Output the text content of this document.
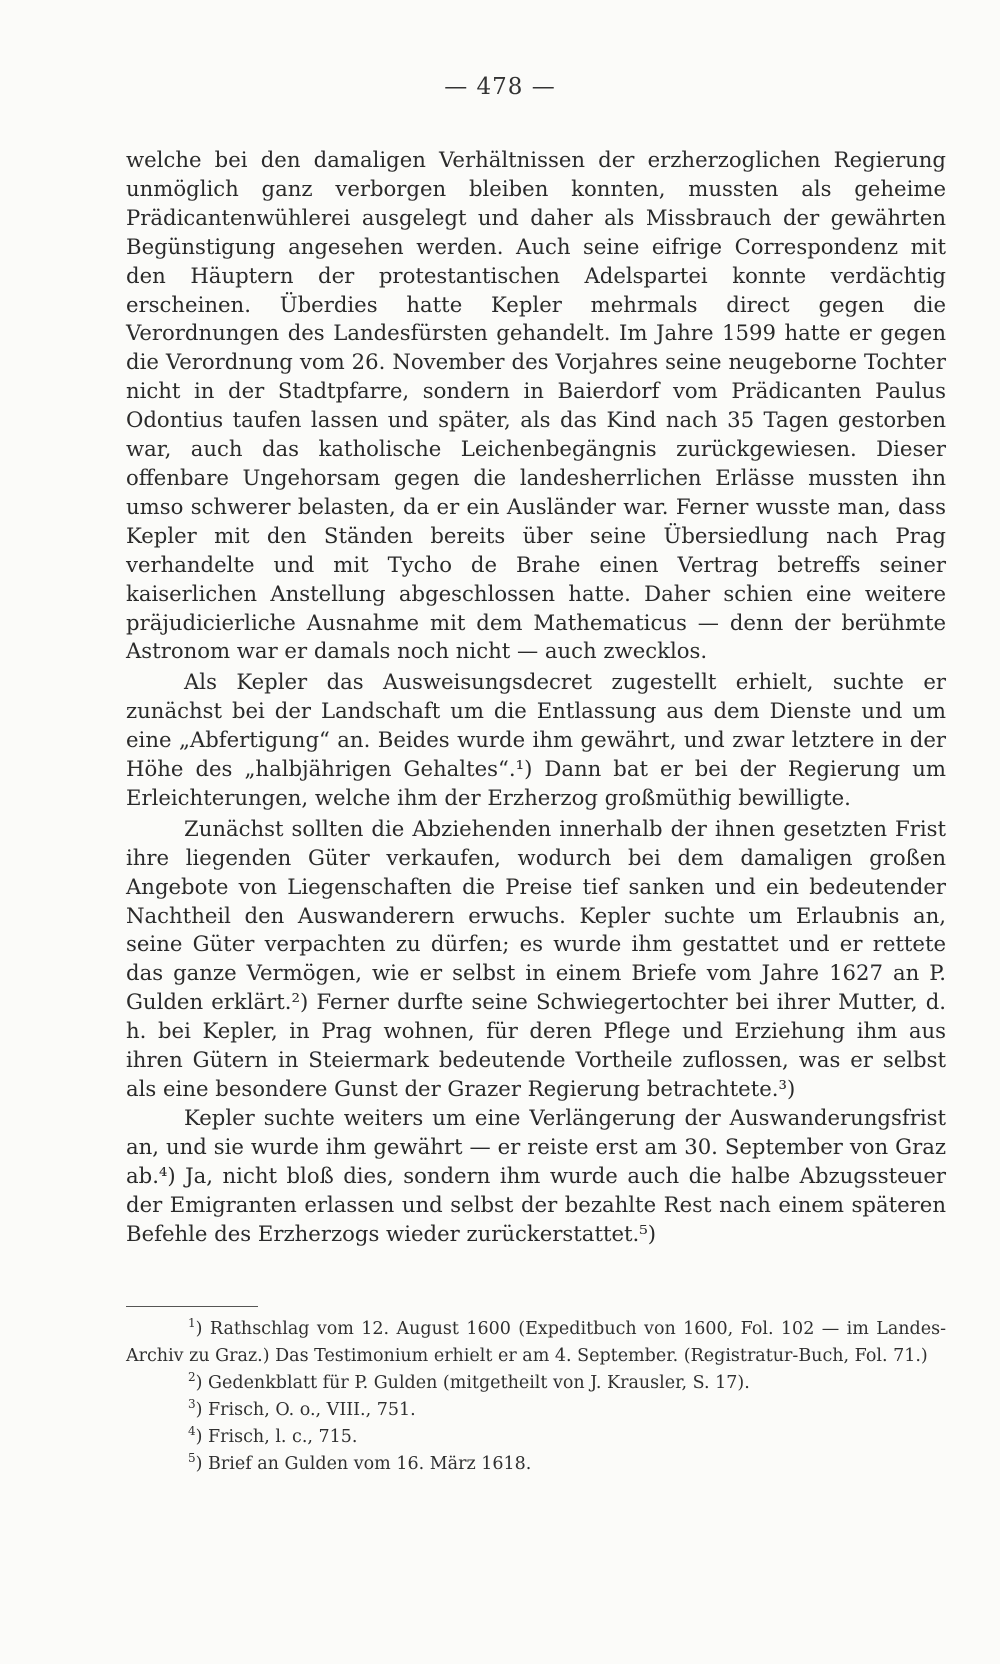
— 478 —

welche bei den damaligen Verhältnissen der erzherzoglichen Regierung unmöglich ganz verborgen bleiben konnten, mussten als geheime Prädicantenwühlerei ausgelegt und daher als Missbrauch der gewährten Begünstigung angesehen werden. Auch seine eifrige Correspondenz mit den Häuptern der protestantischen Adelspartei konnte verdächtig erscheinen. Überdies hatte Kepler mehrmals direct gegen die Verordnungen des Landesfürsten gehandelt. Im Jahre 1599 hatte er gegen die Verordnung vom 26. November des Vorjahres seine neugeborne Tochter nicht in der Stadtpfarre, sondern in Baierdorf vom Prädicanten Paulus Odontius taufen lassen und später, als das Kind nach 35 Tagen gestorben war, auch das katholische Leichenbegängnis zurückgewiesen. Dieser offenbare Ungehorsam gegen die landesherrlichen Erlässe mussten ihn umso schwerer belasten, da er ein Ausländer war. Ferner wusste man, dass Kepler mit den Ständen bereits über seine Übersiedlung nach Prag verhandelte und mit Tycho de Brahe einen Vertrag betreffs seiner kaiserlichen Anstellung abgeschlossen hatte. Daher schien eine weitere präjudicierliche Ausnahme mit dem Mathematicus — denn der berühmte Astronom war er damals noch nicht — auch zwecklos.

Als Kepler das Ausweisungsdecret zugestellt erhielt, suchte er zunächst bei der Landschaft um die Entlassung aus dem Dienste und um eine „Abfertigung“ an. Beides wurde ihm gewährt, und zwar letztere in der Höhe des „halbjährigen Gehaltes“.¹) Dann bat er bei der Regierung um Erleichterungen, welche ihm der Erzherzog großmüthig bewilligte.

Zunächst sollten die Abziehenden innerhalb der ihnen gesetzten Frist ihre liegenden Güter verkaufen, wodurch bei dem damaligen großen Angebote von Liegenschaften die Preise tief sanken und ein bedeutender Nachtheil den Auswanderern erwuchs. Kepler suchte um Erlaubnis an, seine Güter verpachten zu dürfen; es wurde ihm gestattet und er rettete das ganze Vermögen, wie er selbst in einem Briefe vom Jahre 1627 an P. Gulden erklärt.²) Ferner durfte seine Schwiegertochter bei ihrer Mutter, d. h. bei Kepler, in Prag wohnen, für deren Pflege und Erziehung ihm aus ihren Gütern in Steiermark bedeutende Vortheile zuflossen, was er selbst als eine besondere Gunst der Grazer Regierung betrachtete.³)

Kepler suchte weiters um eine Verlängerung der Auswanderungsfrist an, und sie wurde ihm gewährt — er reiste erst am 30. September von Graz ab.⁴) Ja, nicht bloß dies, sondern ihm wurde auch die halbe Abzugssteuer der Emigranten erlassen und selbst der bezahlte Rest nach einem späteren Befehle des Erzherzogs wieder zurückerstattet.⁵)

$^1$) Rathschlag vom 12. August 1600 (Expeditbuch von 1600, Fol. 102 — im Landes-Archiv zu Graz.) Das Testimonium erhielt er am 4. September. (Registratur-Buch, Fol. 71.)

$^2$) Gedenkblatt für P. Gulden (mitgetheilt von J. Krausler, S. 17).

$^3$) Frisch, O. o., VIII., 751.

$^4$) Frisch, l. c., 715.

$^5$) Brief an Gulden vom 16. März 1618.
